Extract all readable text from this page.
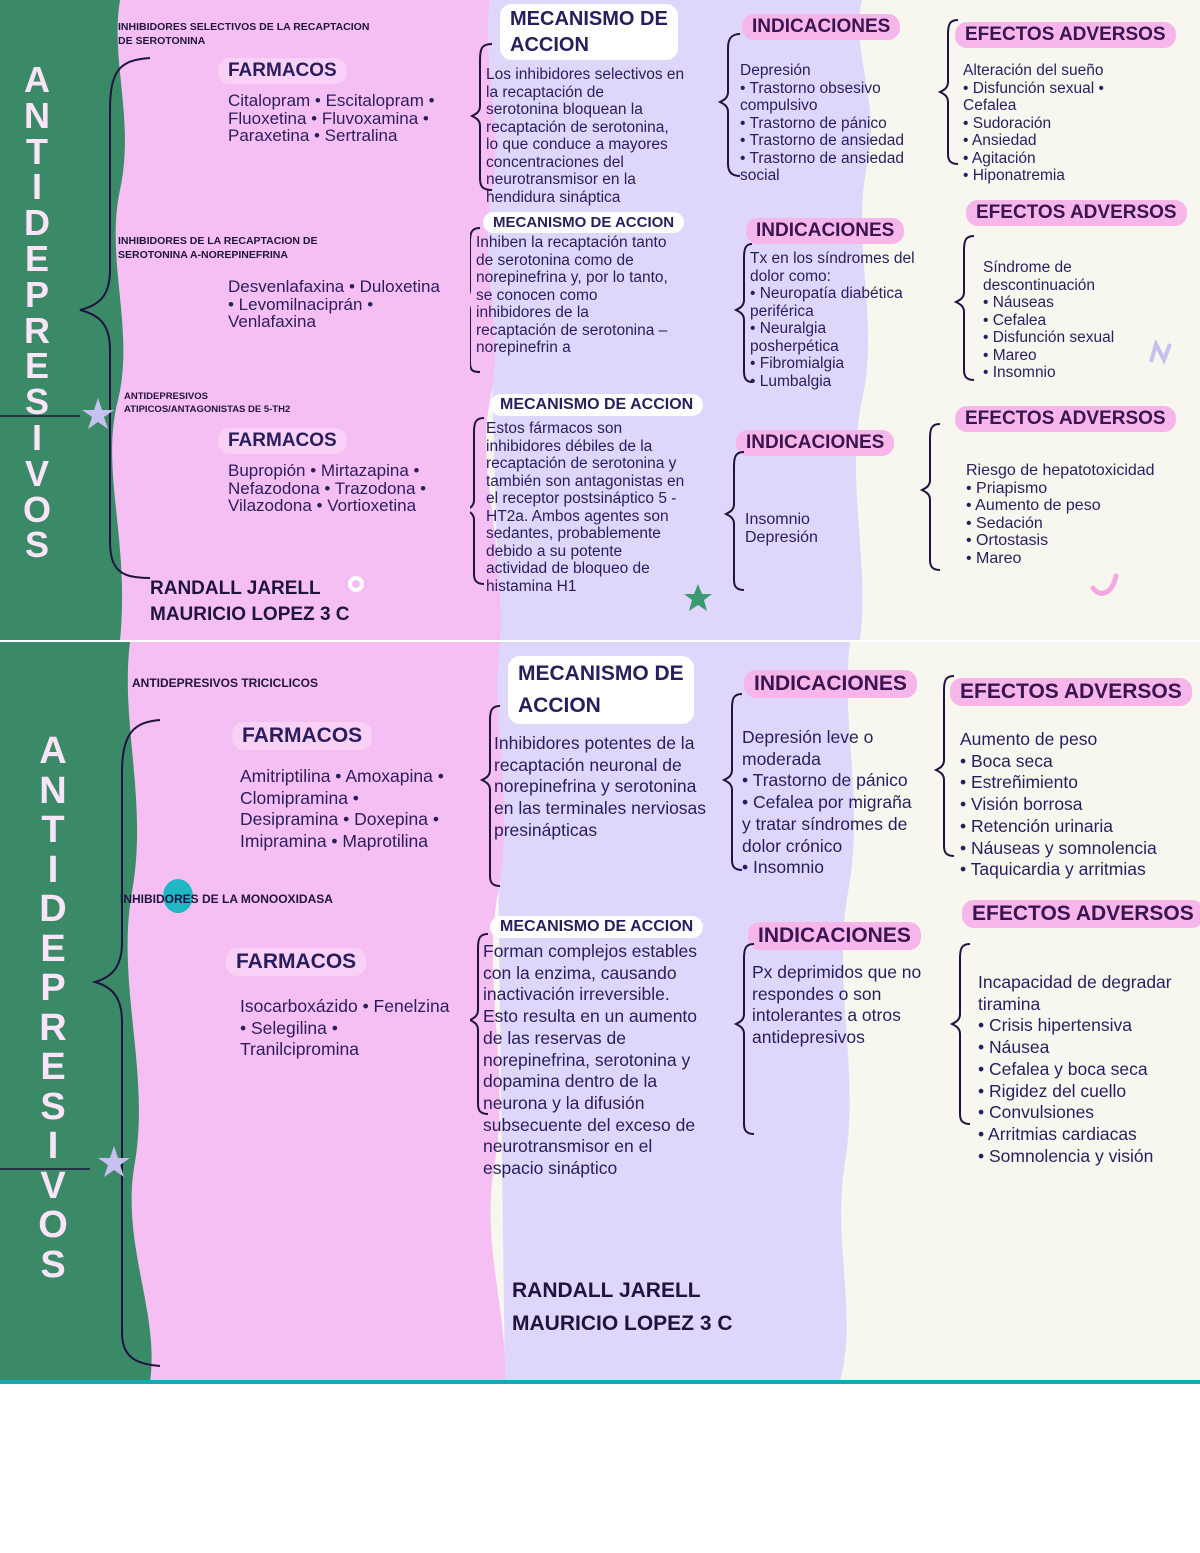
A
N
T
I
D
E
P
R
E
S
I
V
O
S
A
N
T
I
D
E
P
R
E
S
I
V
O
S
INHIBIDORES SELECTIVOS DE LA RECAPTACION
DE SEROTONINA
FARMACOS
Citalopram • Escitalopram •
Fluoxetina • Fluvoxamina •
Paraxetina • Sertralina
MECANISMO DE
ACCION
Los inhibidores selectivos en
la recaptación de
serotonina bloquean la
recaptación de serotonina,
lo que conduce a mayores
concentraciones del
neurotransmisor en la
hendidura sináptica
INDICACIONES
Depresión
• Trastorno obsesivo
compulsivo
• Trastorno de pánico
• Trastorno de ansiedad
• Trastorno de ansiedad
social
EFECTOS ADVERSOS
Alteración del sueño
• Disfunción sexual •
Cefalea
• Sudoración
• Ansiedad
• Agitación
• Hiponatremia
INHIBIDORES DE LA RECAPTACION DE
SEROTONINA A-NOREPINEFRINA
Desvenlafaxina • Duloxetina
• Levomilnaciprán •
Venlafaxina
MECANISMO DE ACCION
Inhiben la recaptación tanto
de serotonina como de
norepinefrina y, por lo tanto,
se conocen como
inhibidores de la
recaptación de serotonina –
norepinefrin a
INDICACIONES
Tx en los síndromes del
dolor como:
• Neuropatía diabética
periférica
• Neuralgia
posherpética
• Fibromialgia
• Lumbalgia
EFECTOS ADVERSOS
Síndrome de
descontinuación
• Náuseas
• Cefalea
• Disfunción sexual
• Mareo
• Insomnio
ANTIDEPRESIVOS
ATIPICOS/ANTAGONISTAS DE 5-TH2
FARMACOS
Bupropión • Mirtazapina •
Nefazodona • Trazodona •
Vilazodona • Vortioxetina
MECANISMO DE ACCION
Estos fármacos son
inhibidores débiles de la
recaptación de serotonina y
también son antagonistas en
el receptor postsináptico 5 -
HT2a. Ambos agentes son
sedantes, probablemente
debido a su potente
actividad de bloqueo de
histamina H1
INDICACIONES
Insomnio
Depresión
EFECTOS ADVERSOS
Riesgo de hepatotoxicidad
• Priapismo
• Aumento de peso
• Sedación
• Ortostasis
• Mareo
RANDALL JARELL
MAURICIO LOPEZ 3 C
ANTIDEPRESIVOS TRICICLICOS
FARMACOS
Amitriptilina • Amoxapina •
Clomipramina •
Desipramina • Doxepina •
Imipramina • Maprotilina
MECANISMO DE
ACCION
Inhibidores potentes de la
recaptación neuronal de
norepinefrina y serotonina
en las terminales nerviosas
presinápticas
INDICACIONES
Depresión leve o
moderada
• Trastorno de pánico
• Cefalea por migraña
y tratar síndromes de
dolor crónico
• Insomnio
EFECTOS ADVERSOS
Aumento de peso
• Boca seca
• Estreñimiento
• Visión borrosa
• Retención urinaria
• Náuseas y somnolencia
• Taquicardia y arritmias
INHIBIDORES DE LA MONOOXIDASA
FARMACOS
Isocarboxázido • Fenelzina
• Selegilina •
Tranilcipromina
MECANISMO DE ACCION
Forman complejos estables
con la enzima, causando
inactivación irreversible.
Esto resulta en un aumento
de las reservas de
norepinefrina, serotonina y
dopamina dentro de la
neurona y la difusión
subsecuente del exceso de
neurotransmisor en el
espacio sináptico
INDICACIONES
Px deprimidos que no
respondes o son
intolerantes a otros
antidepresivos
EFECTOS ADVERSOS
Incapacidad de degradar
tiramina
• Crisis hipertensiva
• Náusea
• Cefalea y boca seca
• Rigidez del cuello
• Convulsiones
• Arritmias cardiacas
• Somnolencia y visión
RANDALL JARELL
MAURICIO LOPEZ 3 C
